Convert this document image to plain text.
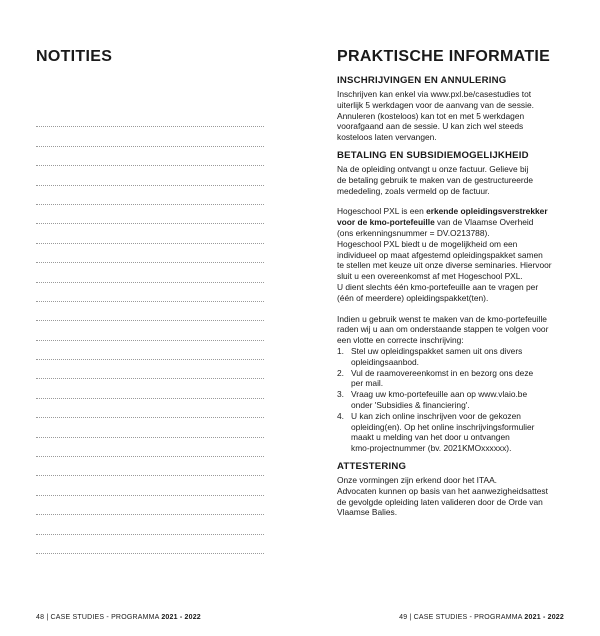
NOTITIES
48 | CASE STUDIES - PROGRAMMA 2021 - 2022
PRAKTISCHE INFORMATIE
INSCHRIJVINGEN EN ANNULERING

Inschrijven kan enkel via www.pxl.be/casestudies tot
uiterlijk 5 werkdagen voor de aanvang van de sessie.
Annuleren (kosteloos) kan tot en met 5 werkdagen
voorafgaand aan de sessie. U kan zich wel steeds
kosteloos laten vervangen.

BETALING EN SUBSIDIEMOGELIJKHEID

Na de opleiding ontvangt u onze factuur. Gelieve bij
de betaling gebruik te maken van de gestructureerde
mededeling, zoals vermeld op de factuur.

Hogeschool PXL is een erkende opleidingsverstrekker
voor de kmo-portefeuille van de Vlaamse Overheid
(ons erkenningsnummer = DV.O213788).
Hogeschool PXL biedt u de mogelijkheid om een
individueel op maat afgestemd opleidingspakket samen
te stellen met keuze uit onze diverse seminaries. Hiervoor
sluit u een overeenkomst af met Hogeschool PXL.
U dient slechts één kmo-portefeuille aan te vragen per
(één of meerdere) opleidingspakket(ten).

Indien u gebruik wenst te maken van de kmo-portefeuille
raden wij u aan om onderstaande stappen te volgen voor
een vlotte en correcte inschrijving:

1. Stel uw opleidingspakket samen uit ons divers
opleidingsaanbod.
2. Vul de raamovereenkomst in en bezorg ons deze
per mail.
3. Vraag uw kmo-portefeuille aan op www.vlaio.be
onder 'Subsidies & financiering'.
4. U kan zich online inschrijven voor de gekozen
opleiding(en). Op het online inschrijvingsformulier
maakt u melding van het door u ontvangen
kmo-projectnummer (bv. 2021KMOxxxxxx).
ATTESTERING

Onze vormingen zijn erkend door het ITAA.
Advocaten kunnen op basis van het aanwezigheidsattest
de gevolgde opleiding laten valideren door de Orde van
Vlaamse Balies.

49 | CASE STUDIES - PROGRAMMA 2021 - 2022
